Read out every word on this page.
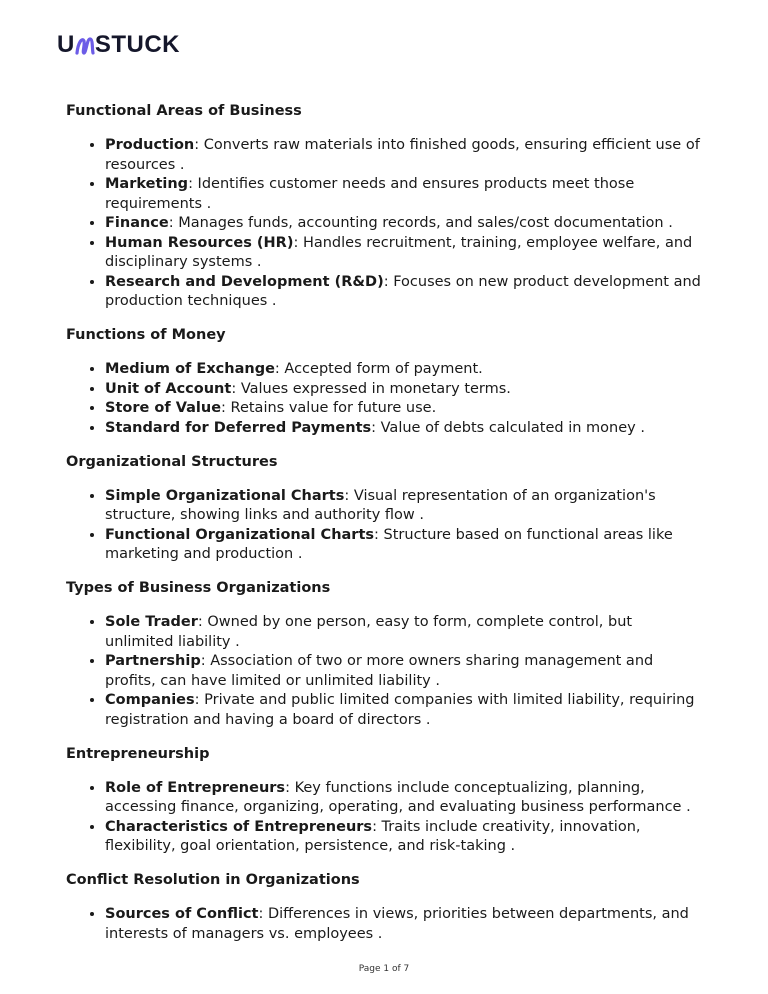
U STUCK
Functional Areas of Business
• Production: Converts raw materials into finished goods, ensuring efficient use of resources .
• Marketing: Identifies customer needs and ensures products meet those requirements .
• Finance: Manages funds, accounting records, and sales/cost documentation .
• Human Resources (HR): Handles recruitment, training, employee welfare, and disciplinary systems .
• Research and Development (R&D): Focuses on new product development and production techniques .
Functions of Money
• Medium of Exchange: Accepted form of payment.
• Unit of Account: Values expressed in monetary terms.
• Store of Value: Retains value for future use.
• Standard for Deferred Payments: Value of debts calculated in money .
Organizational Structures
• Simple Organizational Charts: Visual representation of an organization's structure, showing links and authority flow .
• Functional Organizational Charts: Structure based on functional areas like marketing and production .
Types of Business Organizations
• Sole Trader: Owned by one person, easy to form, complete control, but unlimited liability .
• Partnership: Association of two or more owners sharing management and profits, can have limited or unlimited liability .
• Companies: Private and public limited companies with limited liability, requiring registration and having a board of directors .
Entrepreneurship
• Role of Entrepreneurs: Key functions include conceptualizing, planning, accessing finance, organizing, operating, and evaluating business performance .
• Characteristics of Entrepreneurs: Traits include creativity, innovation, flexibility, goal orientation, persistence, and risk-taking .
Conflict Resolution in Organizations
• Sources of Conflict: Differences in views, priorities between departments, and interests of managers vs. employees .
Page 1 of 7
